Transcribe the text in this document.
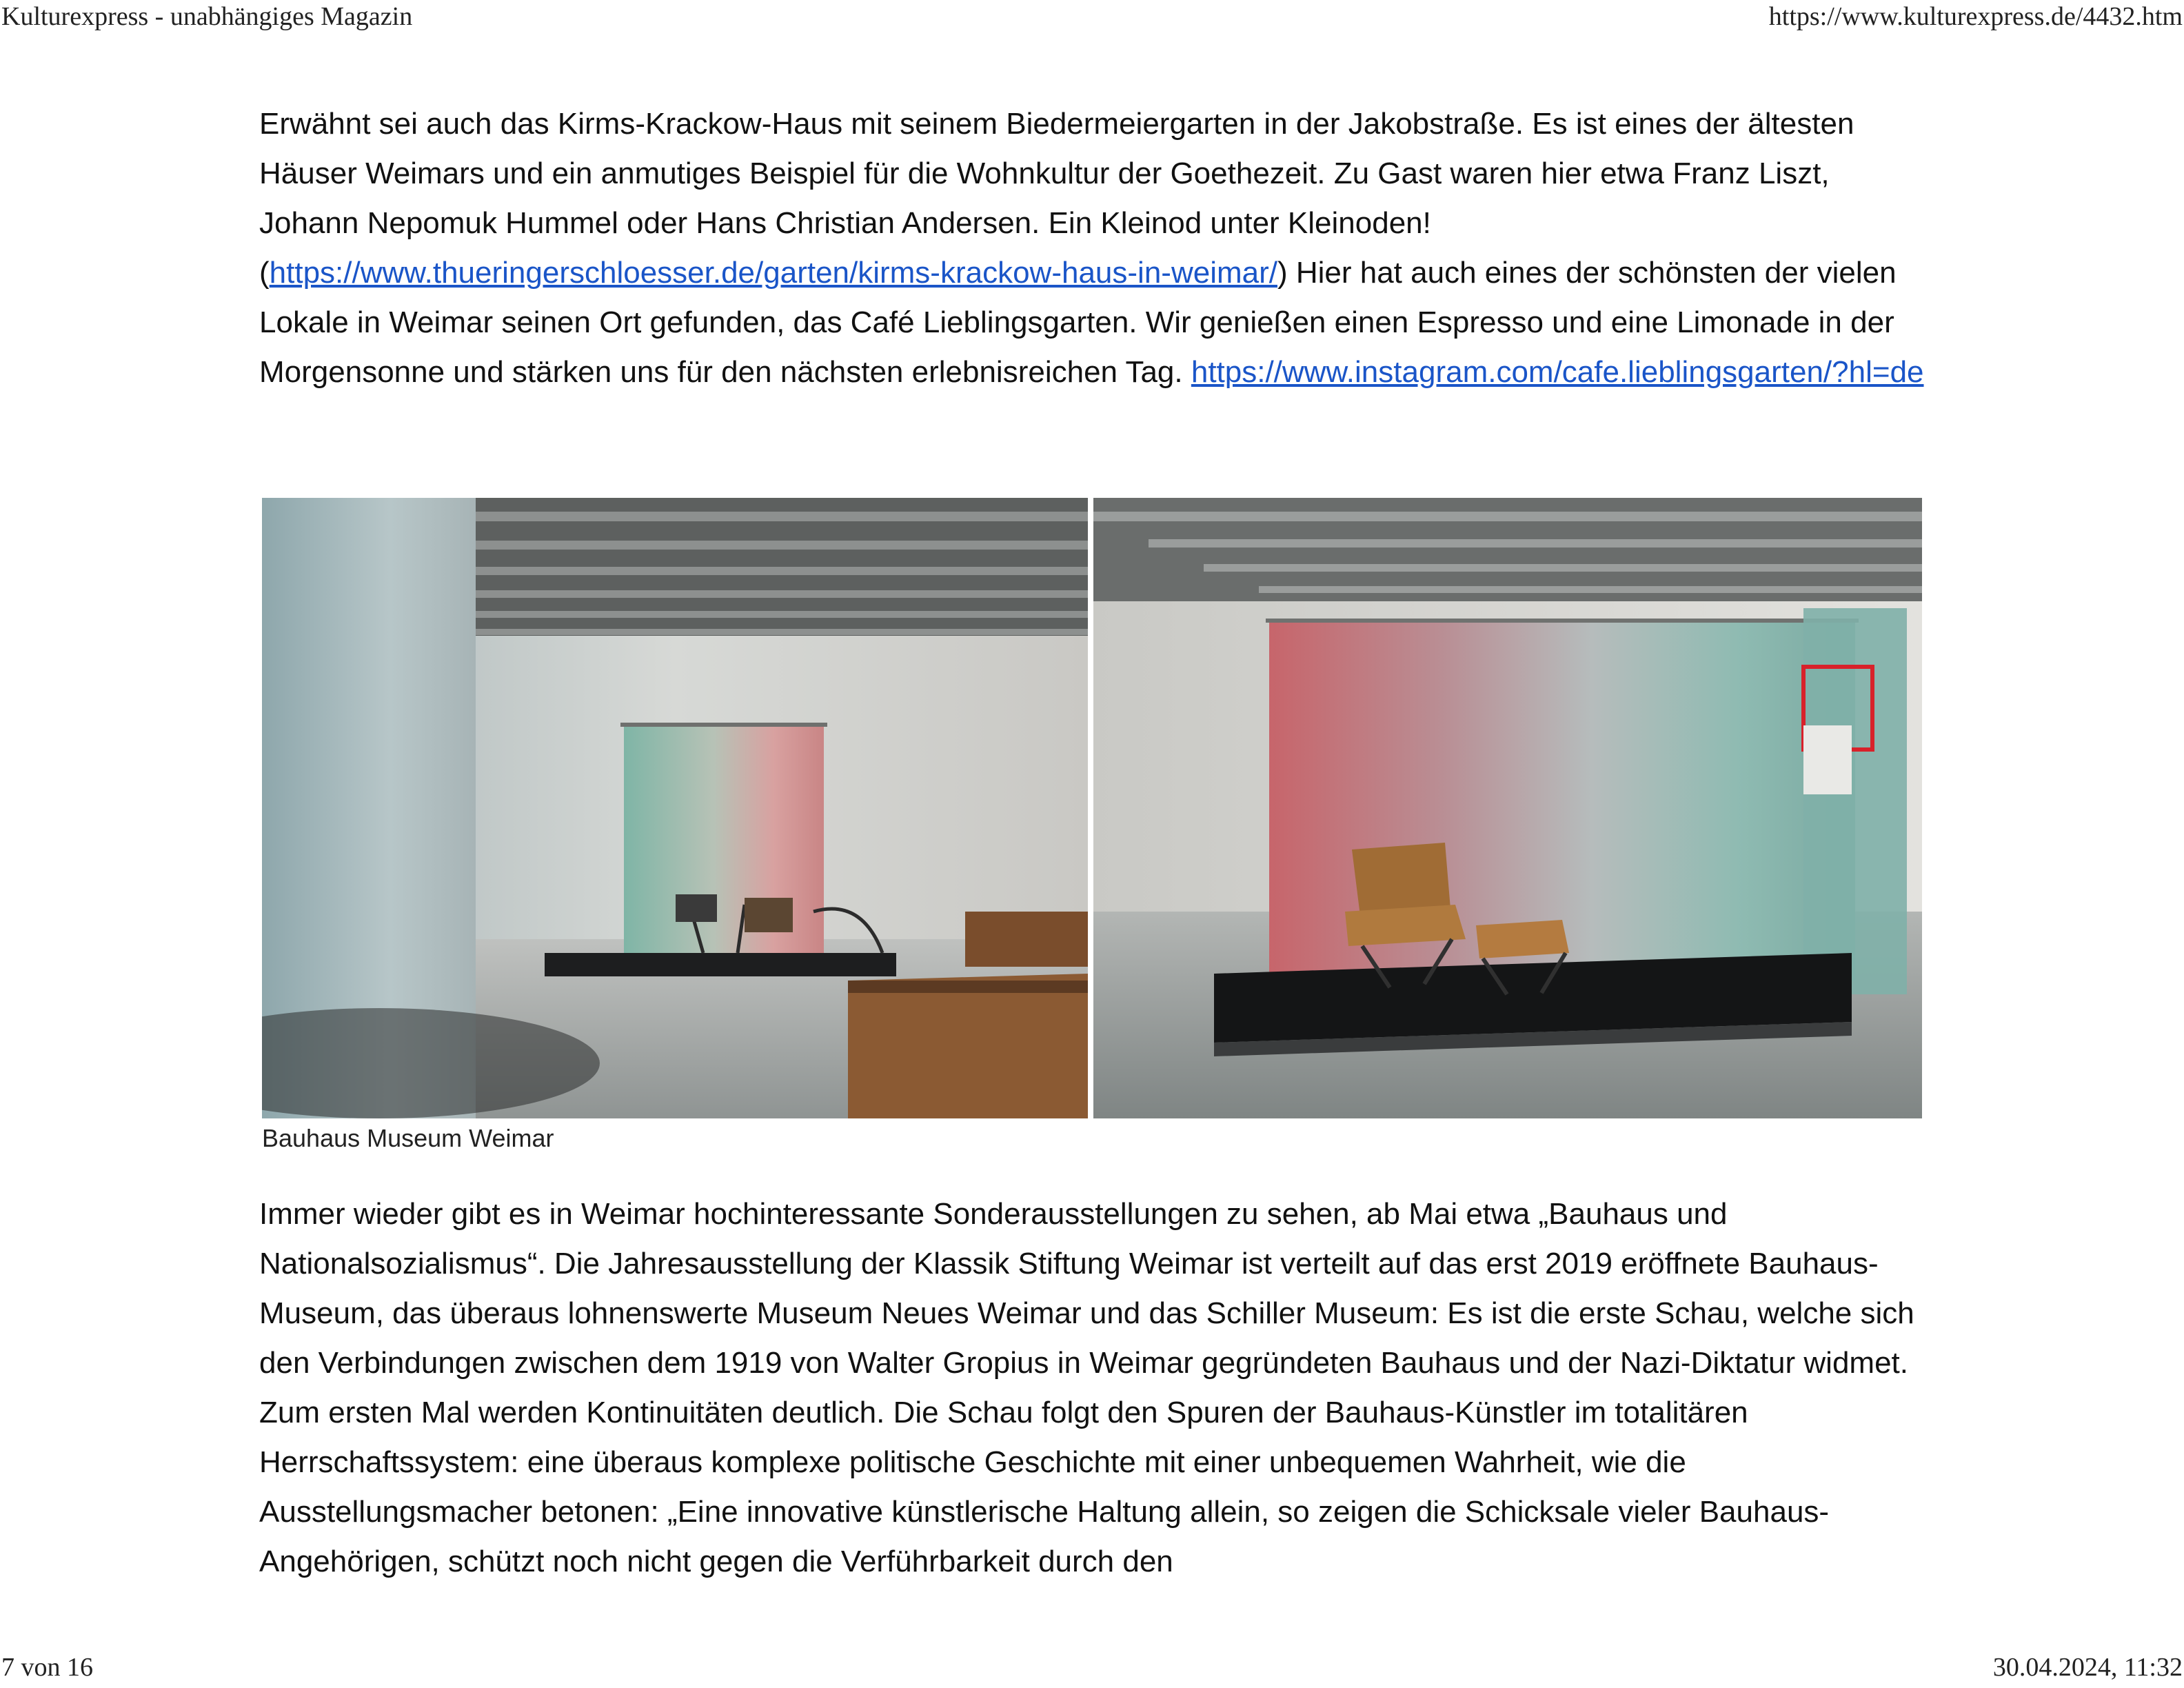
Kulturexpress - unabhängiges Magazin	https://www.kulturexpress.de/4432.htm
Erwähnt sei auch das Kirms-Krackow-Haus mit seinem Biedermeiergarten in der Jakobstraße. Es ist eines der ältesten Häuser Weimars und ein anmutiges Beispiel für die Wohnkultur der Goethezeit. Zu Gast waren hier etwa Franz Liszt, Johann Nepomuk Hummel oder Hans Christian Andersen. Ein Kleinod unter Kleinoden! (https://www.thueringerschloesser.de/garten/kirms-krackow-haus-in-weimar/) Hier hat auch eines der schönsten der vielen Lokale in Weimar seinen Ort gefunden, das Café Lieblingsgarten. Wir genießen einen Espresso und eine Limonade in der Morgensonne und stärken uns für den nächsten erlebnisreichen Tag. https://www.instagram.com/cafe.lieblingsgarten/?hl=de
Bauhaus Museum Weimar
Immer wieder gibt es in Weimar hochinteressante Sonderausstellungen zu sehen, ab Mai etwa „Bauhaus und Nationalsozialismus“. Die Jahresausstellung der Klassik Stiftung Weimar ist verteilt auf das erst 2019 eröffnete Bauhaus-Museum, das überaus lohnenswerte Museum Neues Weimar und das Schiller Museum: Es ist die erste Schau, welche sich den Verbindungen zwischen dem 1919 von Walter Gropius in Weimar gegründeten Bauhaus und der Nazi-Diktatur widmet. Zum ersten Mal werden Kontinuitäten deutlich. Die Schau folgt den Spuren der Bauhaus-Künstler im totalitären Herrschaftssystem: eine überaus komplexe politische Geschichte mit einer unbequemen Wahrheit, wie die Ausstellungsmacher betonen: „Eine innovative künstlerische Haltung allein, so zeigen die Schicksale vieler Bauhaus-Angehörigen, schützt noch nicht gegen die Verführbarkeit durch den
7 von 16	30.04.2024, 11:32
